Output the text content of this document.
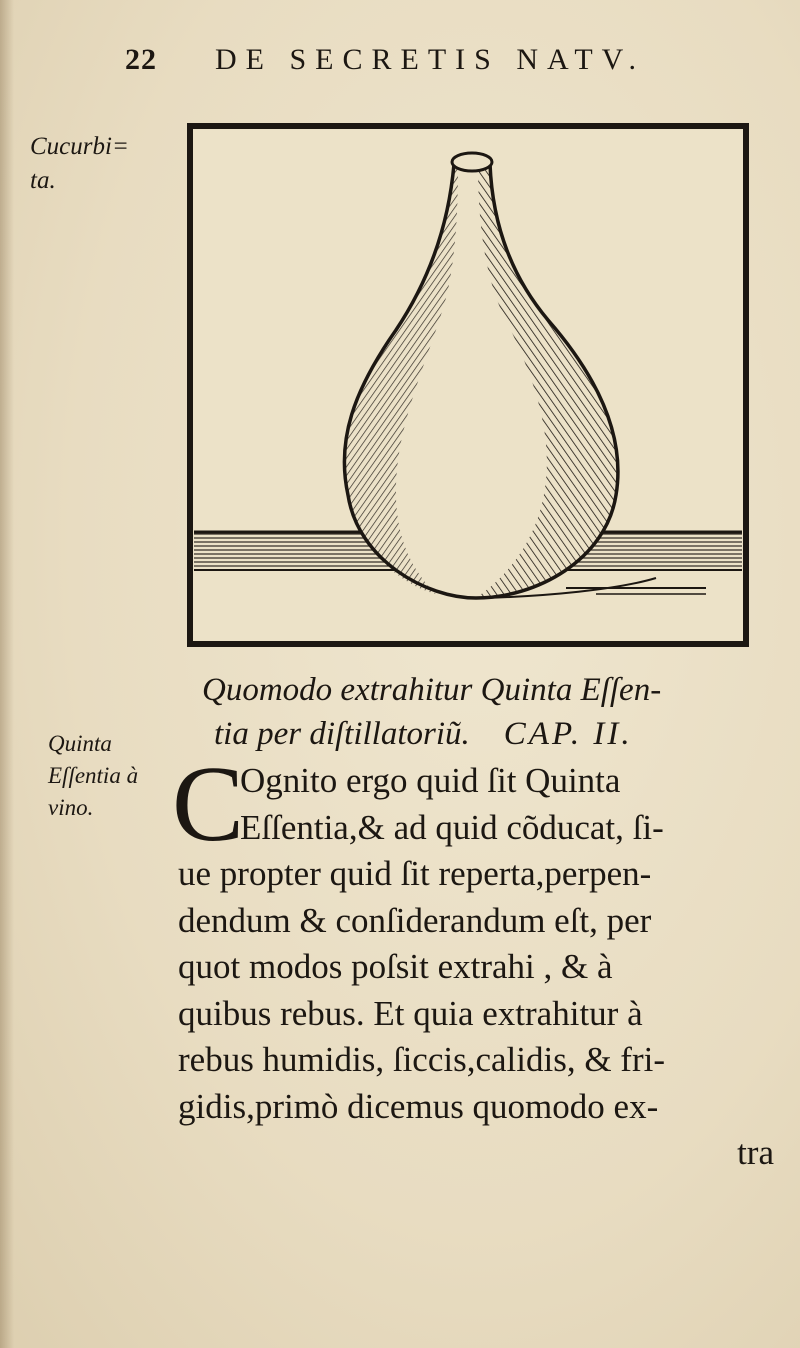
22 DE SECRETIS NATV.
Cucurbi=
ta.
Quinta
Eſſentia à
vino.
Quomodo extrahitur Quinta Eſſen-
tia per diſtillatoriũ. CAP. II.
C
Ognito ergo quid ſit Quinta
Eſſentia,& ad quid cõducat, ſi-
ue propter quid ſit reperta,perpen-
dendum & conſiderandum eſt, per
quot modos poſsit extrahi , & à
quibus rebus. Et quia extrahitur à
rebus humidis, ſiccis,calidis, & fri-
gidis,primò dicemus quomodo ex-
tra
